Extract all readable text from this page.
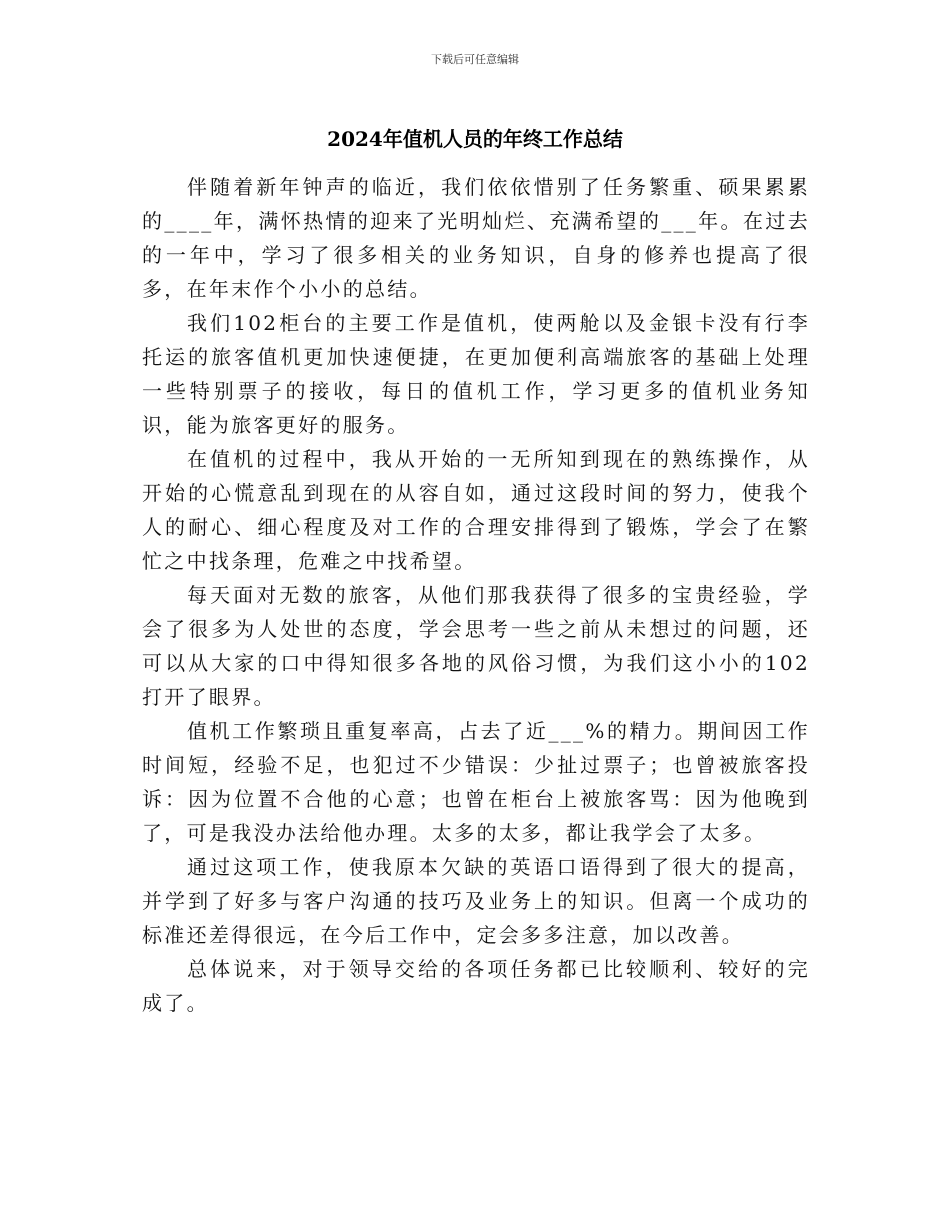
下载后可任意编辑
2024年值机人员的年终工作总结

伴随着新年钟声的临近，我们依依惜别了任务繁重、硕果累累的____年，满怀热情的迎来了光明灿烂、充满希望的___年。在过去的一年中，学习了很多相关的业务知识，自身的修养也提高了很多，在年末作个小小的总结。

我们102柜台的主要工作是值机，使两舱以及金银卡没有行李托运的旅客值机更加快速便捷，在更加便利高端旅客的基础上处理一些特别票子的接收，每日的值机工作，学习更多的值机业务知识，能为旅客更好的服务。

在值机的过程中，我从开始的一无所知到现在的熟练操作，从开始的心慌意乱到现在的从容自如，通过这段时间的努力，使我个人的耐心、细心程度及对工作的合理安排得到了锻炼，学会了在繁忙之中找条理，危难之中找希望。

每天面对无数的旅客，从他们那我获得了很多的宝贵经验，学会了很多为人处世的态度，学会思考一些之前从未想过的问题，还可以从大家的口中得知很多各地的风俗习惯，为我们这小小的102打开了眼界。

值机工作繁琐且重复率高，占去了近___%的精力。期间因工作时间短，经验不足，也犯过不少错误：少扯过票子；也曾被旅客投诉：因为位置不合他的心意；也曾在柜台上被旅客骂：因为他晚到了，可是我没办法给他办理。太多的太多，都让我学会了太多。

通过这项工作，使我原本欠缺的英语口语得到了很大的提高，并学到了好多与客户沟通的技巧及业务上的知识。但离一个成功的标准还差得很远，在今后工作中，定会多多注意，加以改善。

总体说来，对于领导交给的各项任务都已比较顺利、较好的完成了。
